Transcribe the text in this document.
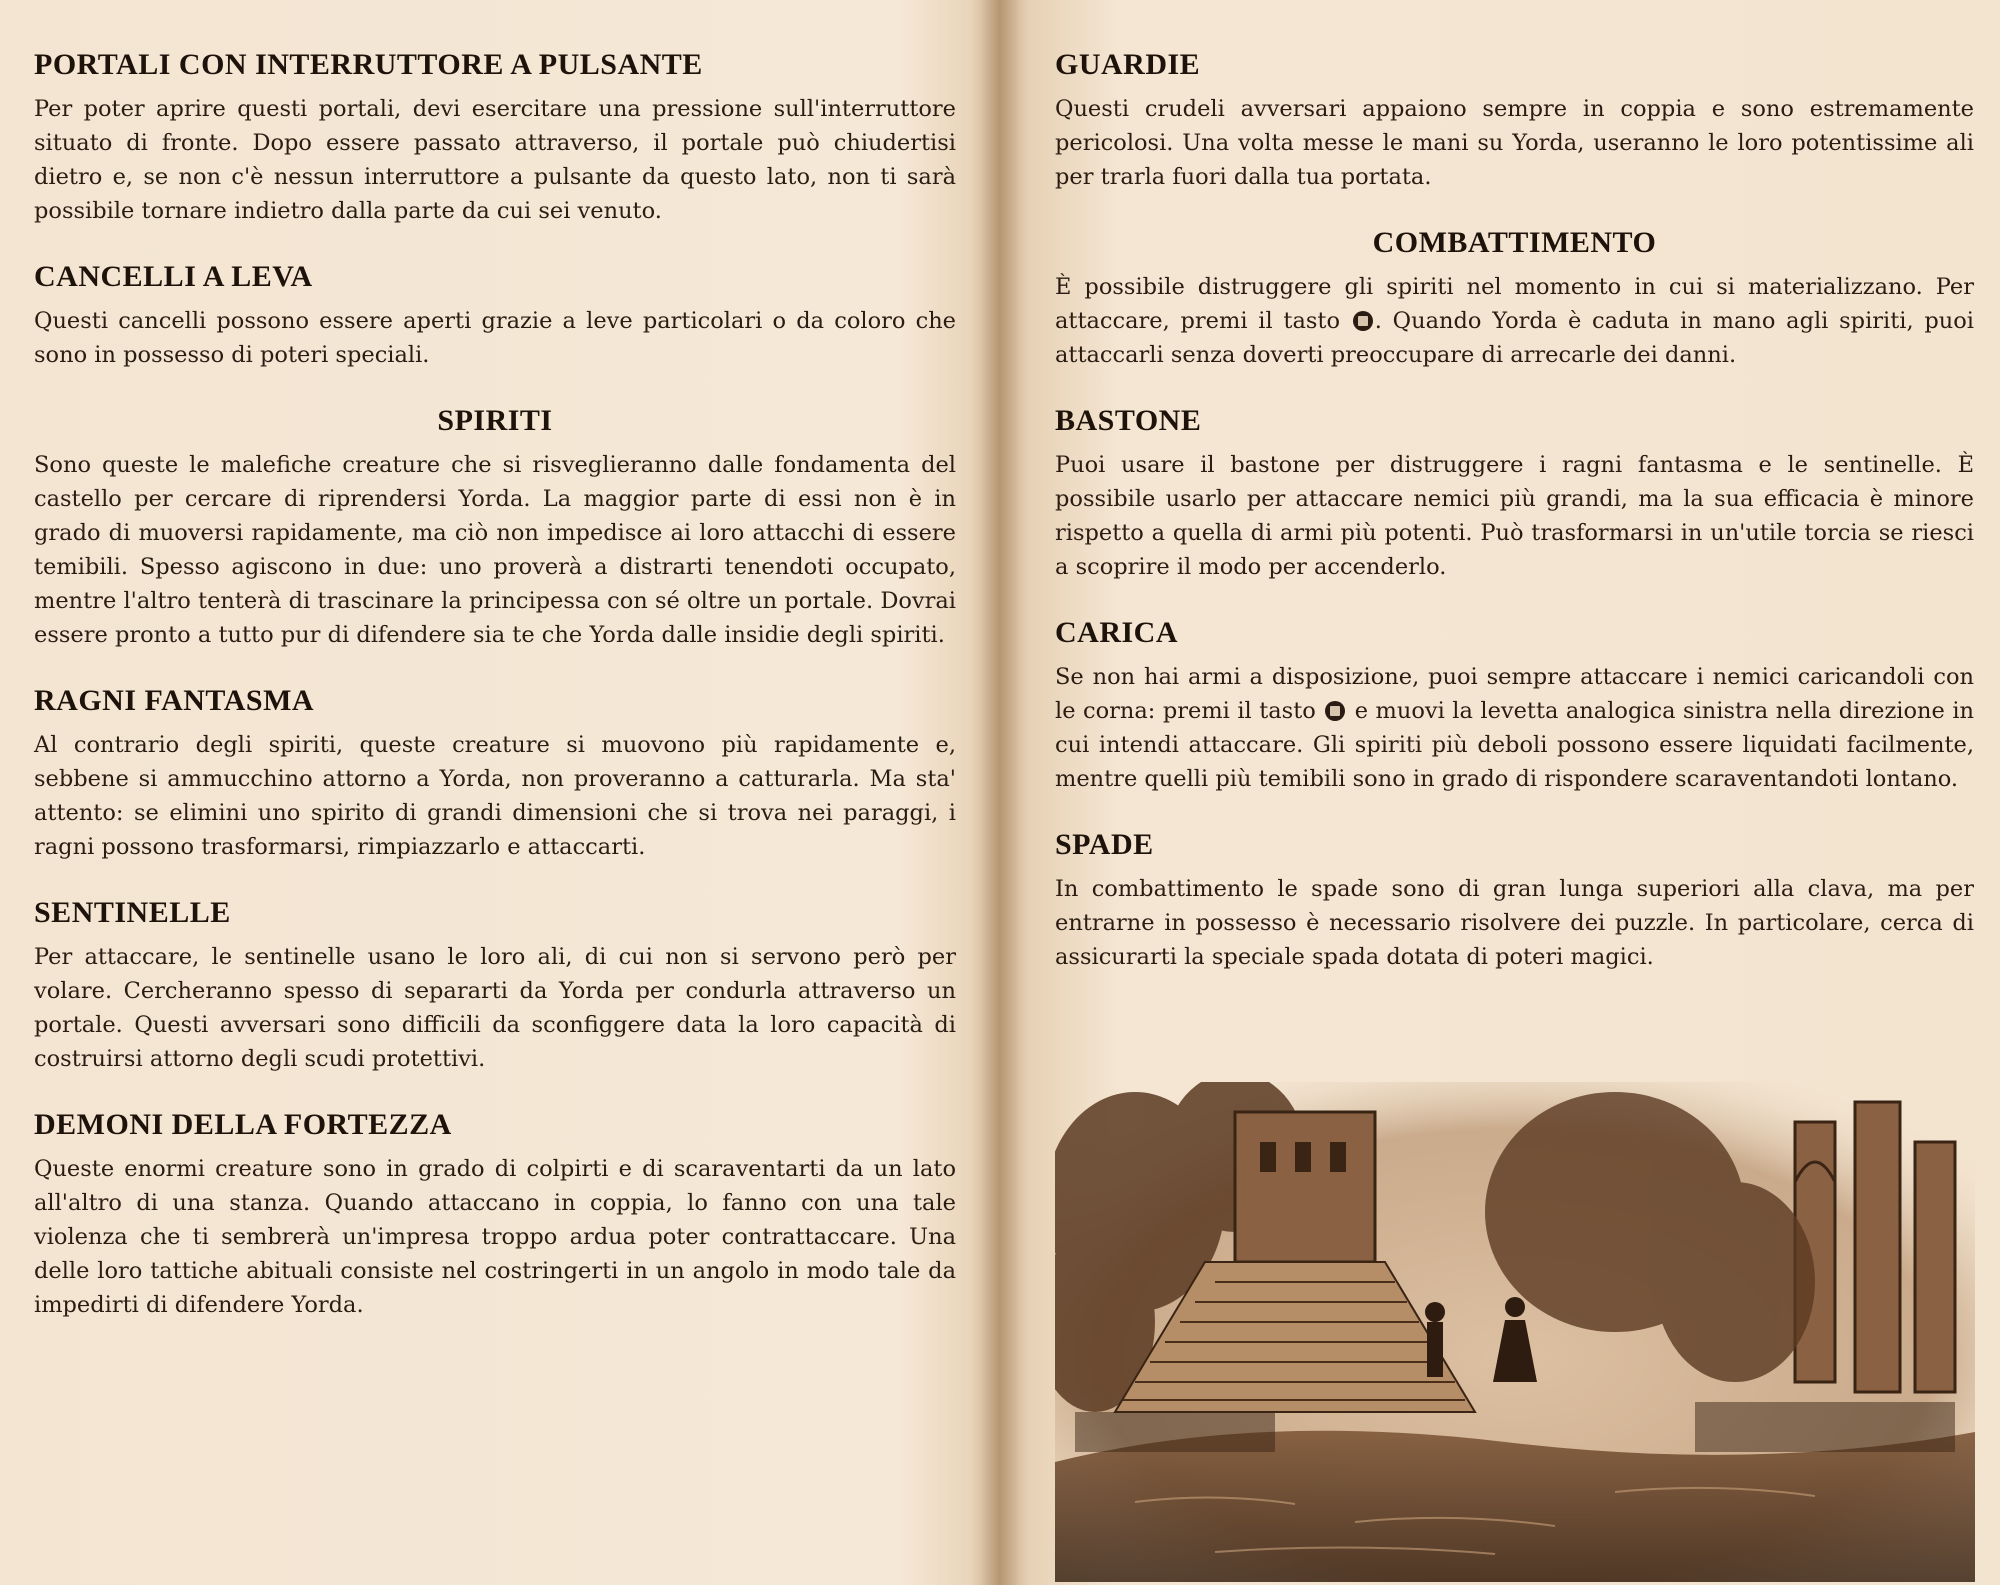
PORTALI CON INTERRUTTORE A PULSANTE

Per poter aprire questi portali, devi esercitare una pressione sull'interruttore situato di fronte. Dopo essere passato attraverso, il portale può chiudertisi dietro e, se non c'è nessun interruttore a pulsante da questo lato, non ti sarà possibile tornare indietro dalla parte da cui sei venuto.

CANCELLI A LEVA

Questi cancelli possono essere aperti grazie a leve particolari o da coloro che sono in possesso di poteri speciali.

SPIRITI

Sono queste le malefiche creature che si risveglieranno dalle fondamenta del castello per cercare di riprendersi Yorda. La maggior parte di essi non è in grado di muoversi rapidamente, ma ciò non impedisce ai loro attacchi di essere temibili. Spesso agiscono in due: uno proverà a distrarti tenendoti occupato, mentre l'altro tenterà di trascinare la principessa con sé oltre un portale. Dovrai essere pronto a tutto pur di difendere sia te che Yorda dalle insidie degli spiriti.

RAGNI FANTASMA

Al contrario degli spiriti, queste creature si muovono più rapidamente e, sebbene si ammucchino attorno a Yorda, non proveranno a catturarla. Ma sta' attento: se elimini uno spirito di grandi dimensioni che si trova nei paraggi, i ragni possono trasformarsi, rimpiazzarlo e attaccarti.

SENTINELLE

Per attaccare, le sentinelle usano le loro ali, di cui non si servono però per volare. Cercheranno spesso di separarti da Yorda per condurla attraverso un portale. Questi avversari sono difficili da sconfiggere data la loro capacità di costruirsi attorno degli scudi protettivi.

DEMONI DELLA FORTEZZA

Queste enormi creature sono in grado di colpirti e di scaraventarti da un lato all'altro di una stanza. Quando attaccano in coppia, lo fanno con una tale violenza che ti sembrerà un'impresa troppo ardua poter contrattaccare. Una delle loro tattiche abituali consiste nel costringerti in un angolo in modo tale da impedirti di difendere Yorda.

GUARDIE

Questi crudeli avversari appaiono sempre in coppia e sono estremamente pericolosi. Una volta messe le mani su Yorda, useranno le loro potentissime ali per trarla fuori dalla tua portata.

COMBATTIMENTO

È possibile distruggere gli spiriti nel momento in cui si materializzano. Per attaccare, premi il tasto . Quando Yorda è caduta in mano agli spiriti, puoi attaccarli senza doverti preoccupare di arrecarle dei danni.

BASTONE

Puoi usare il bastone per distruggere i ragni fantasma e le sentinelle. È possibile usarlo per attaccare nemici più grandi, ma la sua efficacia è minore rispetto a quella di armi più potenti. Può trasformarsi in un'utile torcia se riesci a scoprire il modo per accenderlo.

CARICA

Se non hai armi a disposizione, puoi sempre attaccare i nemici caricandoli con le corna: premi il tasto e muovi la levetta analogica sinistra nella direzione in cui intendi attaccare. Gli spiriti più deboli possono essere liquidati facilmente, mentre quelli più temibili sono in grado di rispondere scaraventandoti lontano.

SPADE

In combattimento le spade sono di gran lunga superiori alla clava, ma per entrarne in possesso è necessario risolvere dei puzzle. In particolare, cerca di assicurarti la speciale spada dotata di poteri magici.
